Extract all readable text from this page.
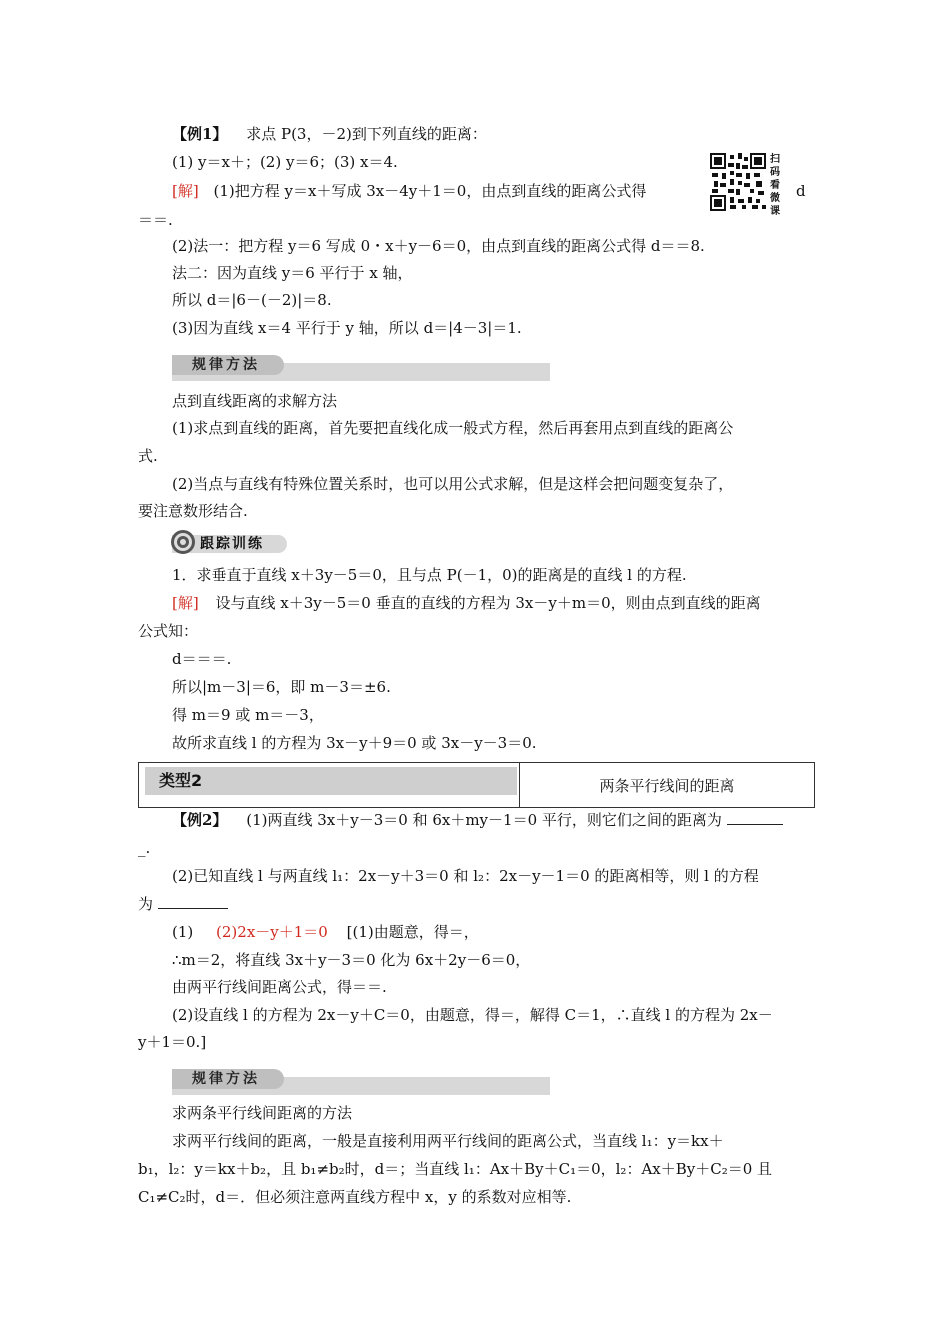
【例1】 求点 P(3，－2)到下列直线的距离：
(1) y＝x＋；(2) y＝6；(3) x＝4.
[解] (1)把方程 y＝x＋写成 3x－4y＋1＝0，由点到直线的距离公式得	d
＝＝.
(2)法一：把方程 y＝6 写成 0・x＋y－6＝0，由点到直线的距离公式得 d＝＝8.
法二：因为直线 y＝6 平行于 x 轴，
所以 d＝|6－(－2)|＝8.
(3)因为直线 x＝4 平行于 y 轴，所以 d＝|4－3|＝1.
扫
码
看
微
课
规律方法
点到直线距离的求解方法
(1)求点到直线的距离，首先要把直线化成一般式方程，然后再套用点到直线的距离公
式.
(2)当点与直线有特殊位置关系时，也可以用公式求解，但是这样会把问题变复杂了，
要注意数形结合.
跟踪训练
1．求垂直于直线 x＋3y－5＝0，且与点 P(－1，0)的距离是的直线 l 的方程.
[解] 设与直线 x＋3y－5＝0 垂直的直线的方程为 3x－y＋m＝0，则由点到直线的距离
公式知：
d＝＝＝.
所以|m－3|＝6，即 m－3＝±6.
得 m＝9 或 m＝－3，
故所求直线 l 的方程为 3x－y＋9＝0 或 3x－y－3＝0.
类型2	两条平行线间的距离
【例2】 (1)两直线 3x＋y－3＝0 和 6x＋my－1＝0 平行，则它们之间的距离为
_.
(2)已知直线 l 与两直线 l₁：2x－y＋3＝0 和 l₂：2x－y－1＝0 的距离相等，则 l 的方程
为
(1) (2)2x－y＋1＝0 [(1)由题意，得＝，
∴m＝2，将直线 3x＋y－3＝0 化为 6x＋2y－6＝0，
由两平行线间距离公式，得＝＝.
(2)设直线 l 的方程为 2x－y＋C＝0，由题意，得＝，解得 C＝1，∴直线 l 的方程为 2x－
y＋1＝0.]
规律方法
求两条平行线间距离的方法
求两平行线间的距离，一般是直接利用两平行线间的距离公式，当直线 l₁：y＝kx＋
b₁，l₂：y＝kx＋b₂，且 b₁≠b₂时，d＝；当直线 l₁：Ax＋By＋C₁＝0，l₂：Ax＋By＋C₂＝0 且
C₁≠C₂时，d＝．但必须注意两直线方程中 x，y 的系数对应相等.
